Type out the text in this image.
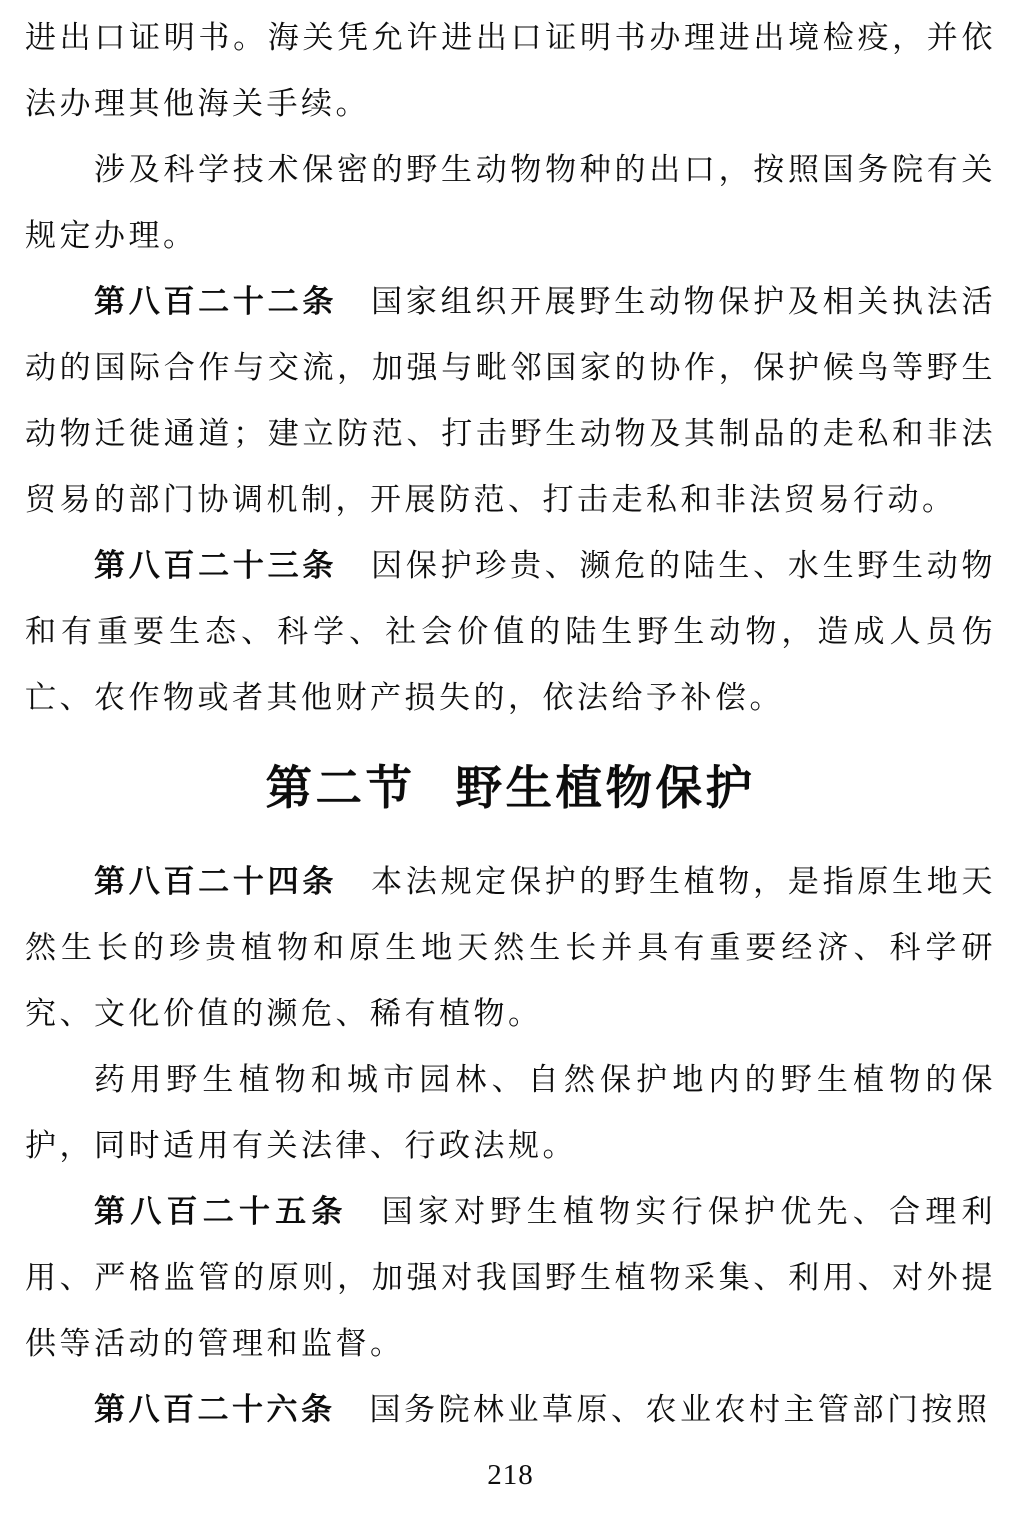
进出口证明书。海关凭允许进出口证明书办理进出境检疫，并依法办理其他海关手续。

涉及科学技术保密的野生动物物种的出口，按照国务院有关规定办理。

第八百二十二条 国家组织开展野生动物保护及相关执法活动的国际合作与交流，加强与毗邻国家的协作，保护候鸟等野生动物迁徙通道；建立防范、打击野生动物及其制品的走私和非法贸易的部门协调机制，开展防范、打击走私和非法贸易行动。

第八百二十三条 因保护珍贵、濒危的陆生、水生野生动物和有重要生态、科学、社会价值的陆生野生动物，造成人员伤亡、农作物或者其他财产损失的，依法给予补偿。

第二节 野生植物保护

第八百二十四条 本法规定保护的野生植物，是指原生地天然生长的珍贵植物和原生地天然生长并具有重要经济、科学研究、文化价值的濒危、稀有植物。

药用野生植物和城市园林、自然保护地内的野生植物的保护，同时适用有关法律、行政法规。

第八百二十五条 国家对野生植物实行保护优先、合理利用、严格监管的原则，加强对我国野生植物采集、利用、对外提供等活动的管理和监督。

第八百二十六条 国务院林业草原、农业农村主管部门按照

218
